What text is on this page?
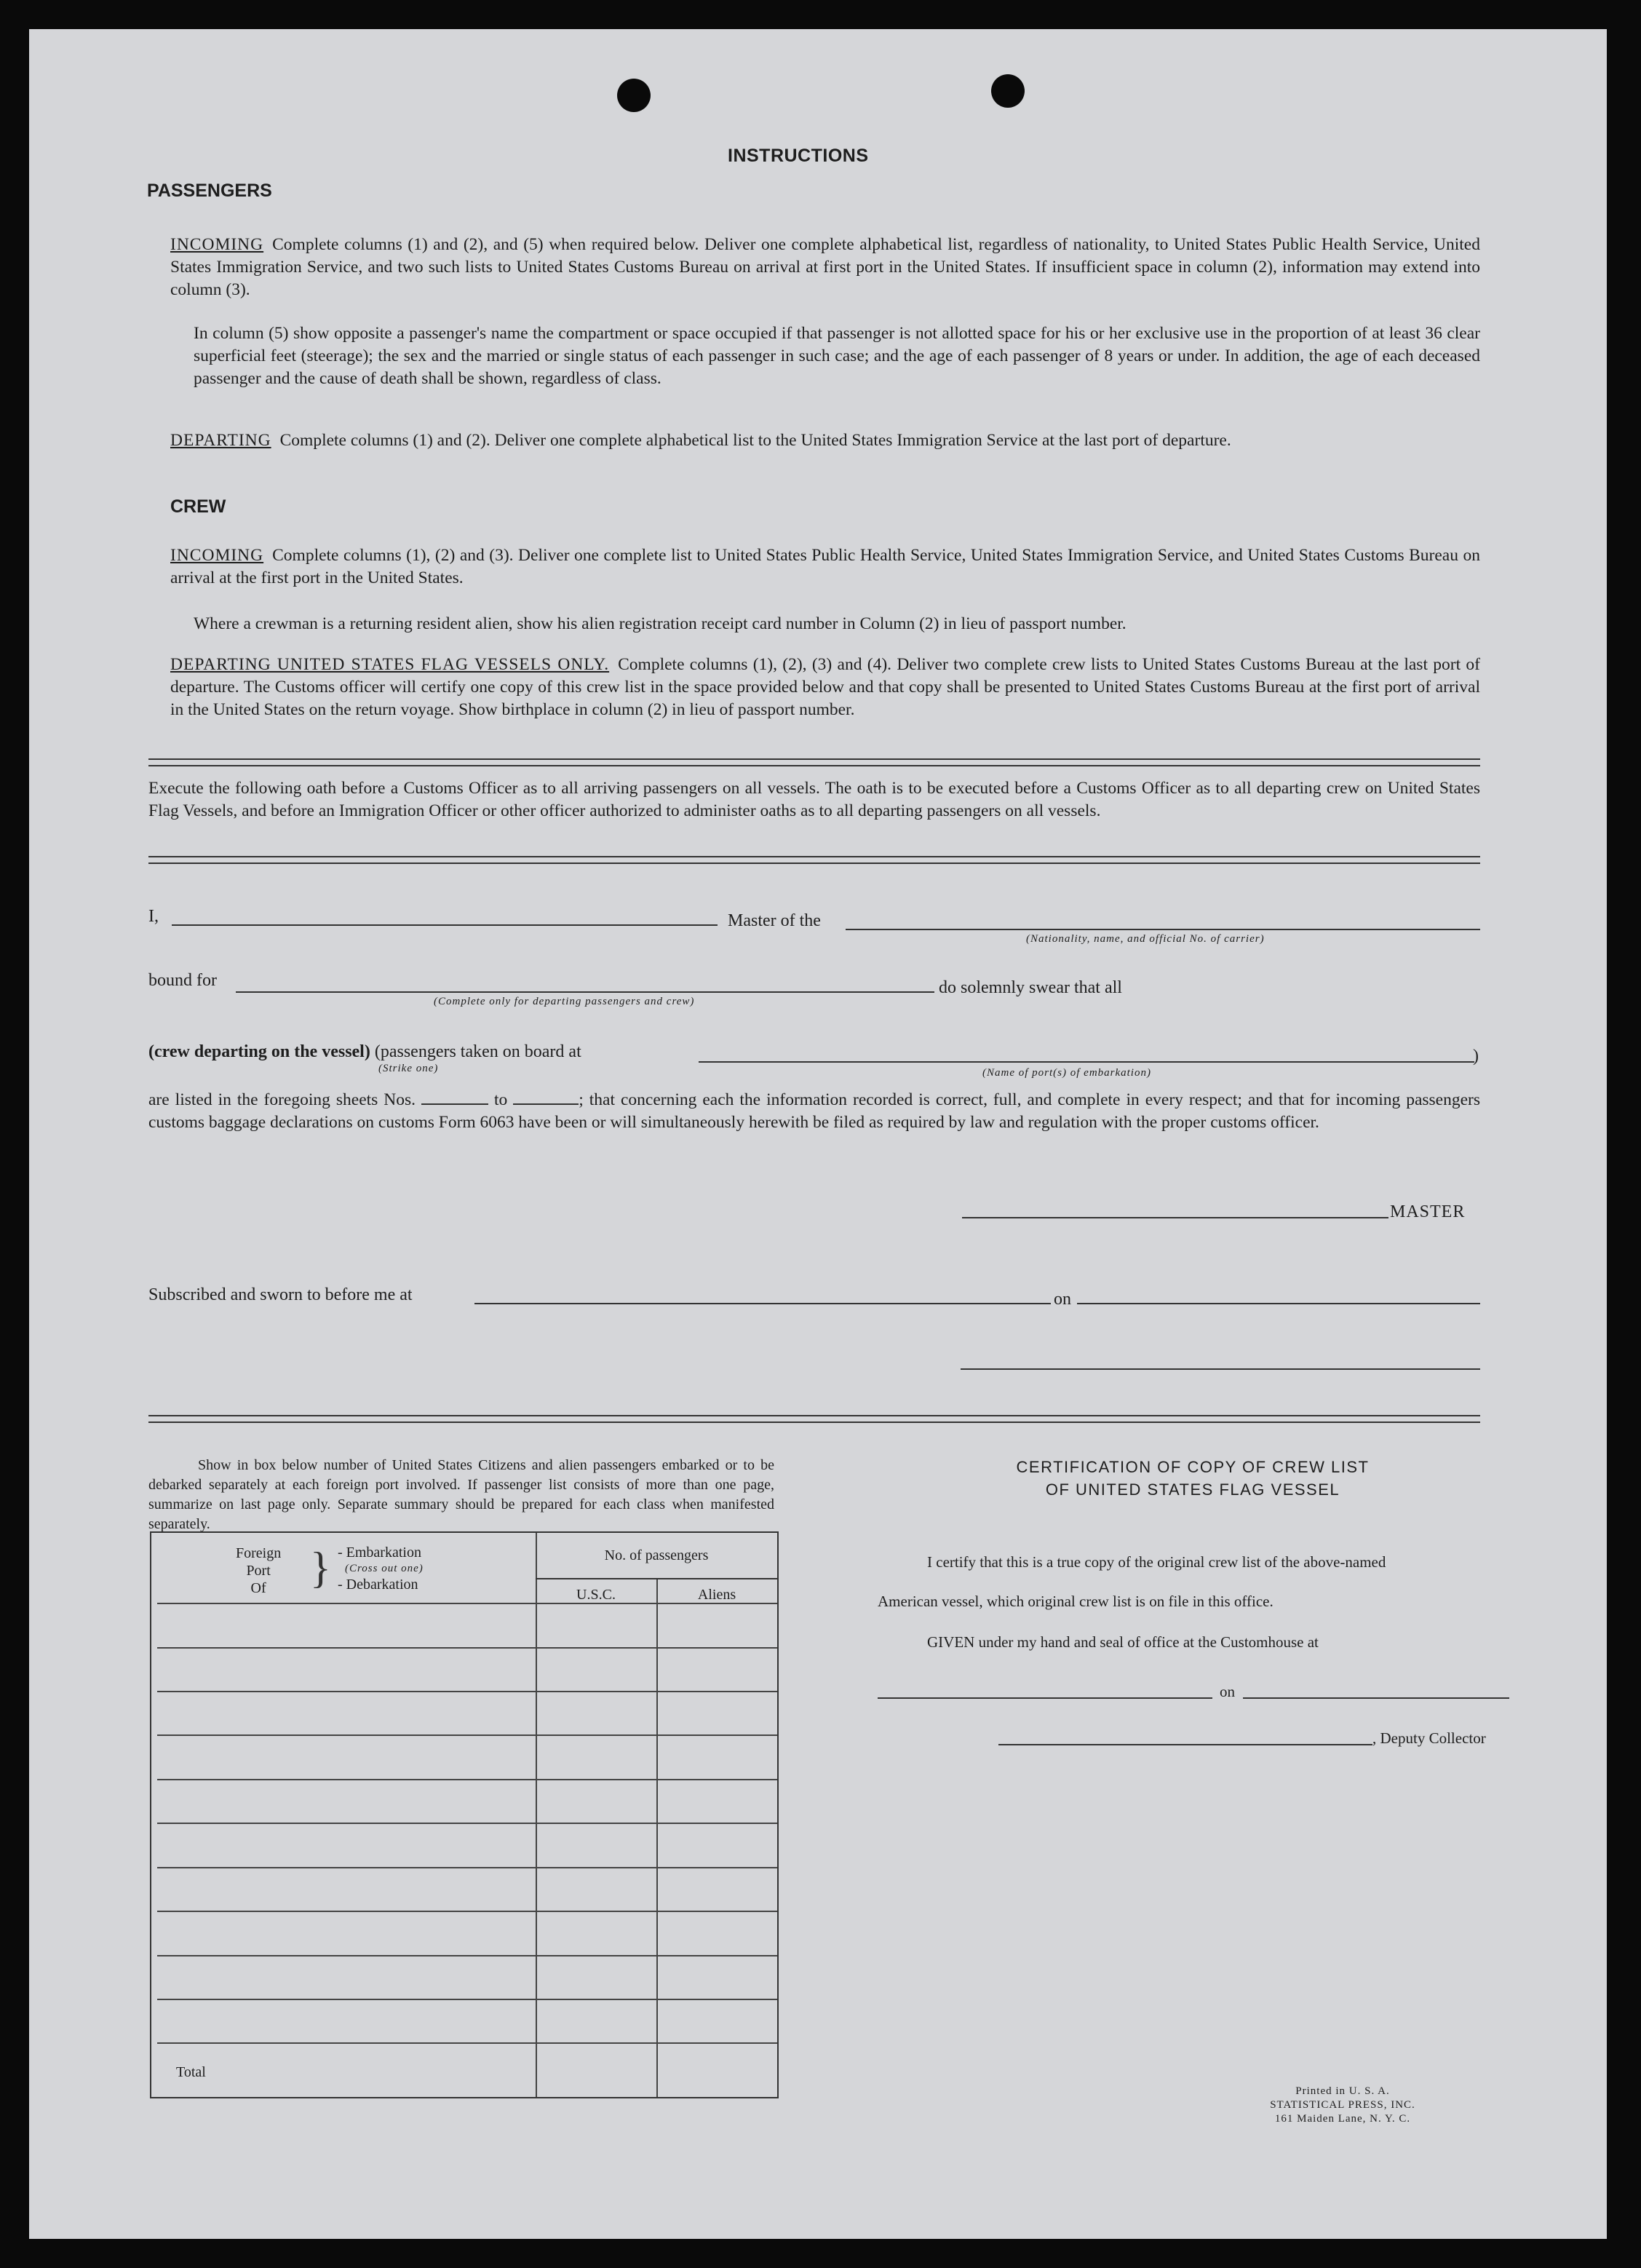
INSTRUCTIONS
PASSENGERS

INCOMING Complete columns (1) and (2), and (5) when required below. Deliver one complete alphabetical list, regardless of nationality, to United States Public Health Service, United States Immigration Service, and two such lists to United States Customs Bureau on arrival at first port in the United States. If insufficient space in column (2), information may extend into column (3).

In column (5) show opposite a passenger's name the compartment or space occupied if that passenger is not allotted space for his or her exclusive use in the proportion of at least 36 clear superficial feet (steerage); the sex and the married or single status of each passenger in such case; and the age of each passenger of 8 years or under. In addition, the age of each deceased passenger and the cause of death shall be shown, regardless of class.

DEPARTING Complete columns (1) and (2). Deliver one complete alphabetical list to the United States Immigration Service at the last port of departure.

CREW

INCOMING Complete columns (1), (2) and (3). Deliver one complete list to United States Public Health Service, United States Immigration Service, and United States Customs Bureau on arrival at the first port in the United States.

Where a crewman is a returning resident alien, show his alien registration receipt card number in Column (2) in lieu of passport number.

DEPARTING UNITED STATES FLAG VESSELS ONLY. Complete columns (1), (2), (3) and (4). Deliver two complete crew lists to United States Customs Bureau at the last port of departure. The Customs officer will certify one copy of this crew list in the space provided below and that copy shall be presented to United States Customs Bureau at the first port of arrival in the United States on the return voyage. Show birthplace in column (2) in lieu of passport number.

Execute the following oath before a Customs Officer as to all arriving passengers on all vessels. The oath is to be executed before a Customs Officer as to all departing crew on United States Flag Vessels, and before an Immigration Officer or other officer authorized to administer oaths as to all departing passengers on all vessels.

I,	Master of the
(Nationality, name, and official No. of carrier)
bound for
(Complete only for departing passengers and crew)
do solemnly swear that all
(crew departing on the vessel) (passengers taken on board at
(Strike one)
)
(Name of port(s) of embarkation)

are listed in the foregoing sheets Nos.	to	; that concerning each the information recorded is correct, full, and complete in every respect; and that for incoming passengers customs baggage declarations on customs Form 6063 have been or will simultaneously herewith be filed as required by law and regulation with the proper customs officer.

MASTER
Subscribed and sworn to before me at	on
Show in box below number of United States Citizens and alien passengers embarked or to be debarked separately at each foreign port involved. If passenger list consists of more than one page, summarize on last page only. Separate summary should be prepared for each class when manifested separately.
Foreign
Port
Of	} - Embarkation
(Cross out one)
- Debarkation
No. of passengers
U.S.C.	Aliens
Total
CERTIFICATION OF COPY OF CREW LIST
OF UNITED STATES FLAG VESSEL
I certify that this is a true copy of the original crew list of the above-named
American vessel, which original crew list is on file in this office.
GIVEN under my hand and seal of office at the Customhouse at
on
, Deputy Collector
Printed in U. S. A.
STATISTICAL PRESS, INC.
161 Maiden Lane, N. Y. C.
